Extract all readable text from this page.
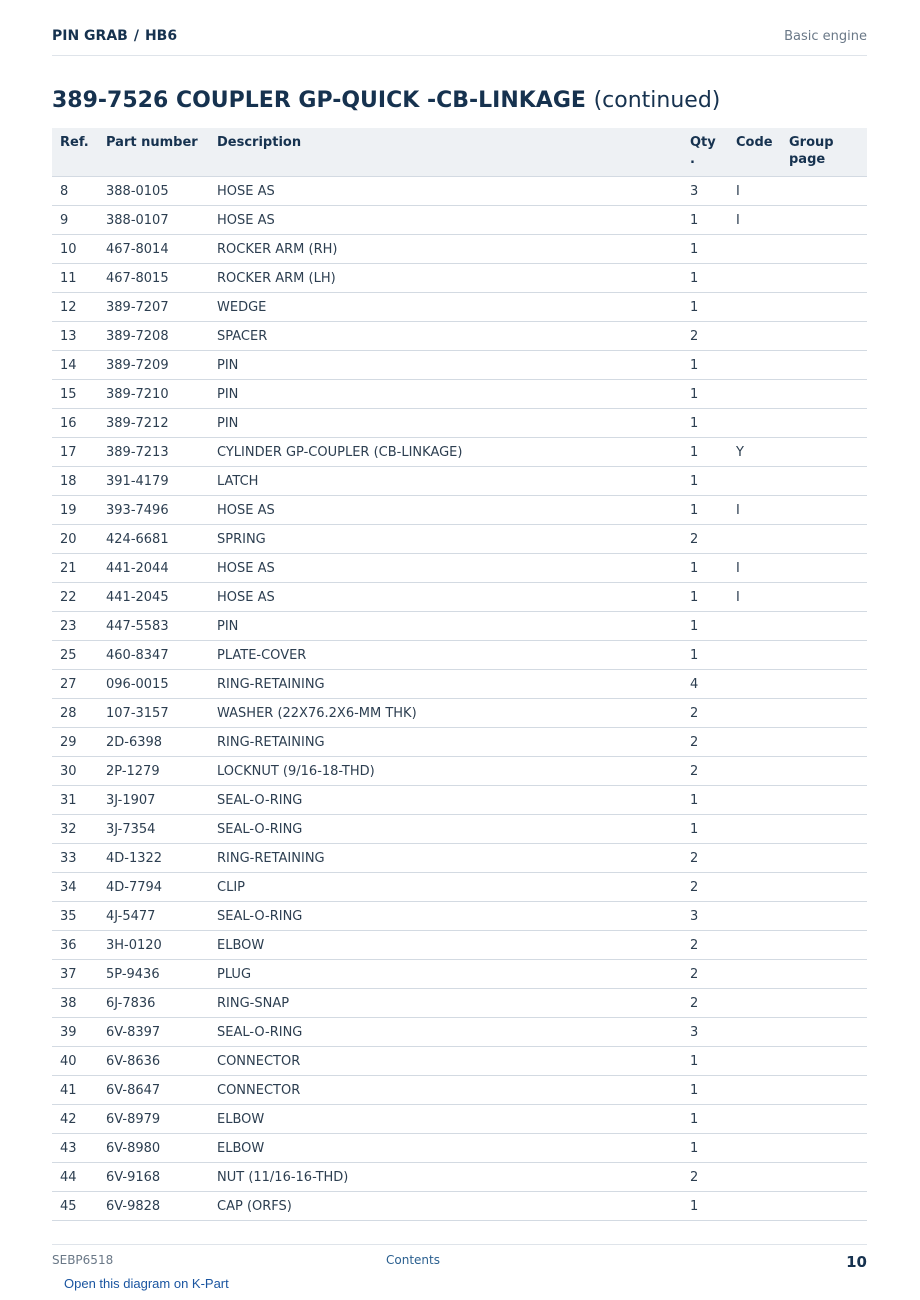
PIN GRAB / HB6	Basic engine
389-7526 COUPLER GP-QUICK -CB-LINKAGE (continued)
Ref.	Part number	Description	Qty .	Code	Group page
8	388-0105	HOSE AS	3	I	
9	388-0107	HOSE AS	1	I	
10	467-8014	ROCKER ARM (RH)	1		
11	467-8015	ROCKER ARM (LH)	1		
12	389-7207	WEDGE	1		
13	389-7208	SPACER	2		
14	389-7209	PIN	1		
15	389-7210	PIN	1		
16	389-7212	PIN	1		
17	389-7213	CYLINDER GP-COUPLER (CB-LINKAGE)	1	Y	
18	391-4179	LATCH	1		
19	393-7496	HOSE AS	1	I	
20	424-6681	SPRING	2		
21	441-2044	HOSE AS	1	I	
22	441-2045	HOSE AS	1	I	
23	447-5583	PIN	1		
25	460-8347	PLATE-COVER	1		
27	096-0015	RING-RETAINING	4		
28	107-3157	WASHER (22X76.2X6-MM THK)	2		
29	2D-6398	RING-RETAINING	2		
30	2P-1279	LOCKNUT (9/16-18-THD)	2		
31	3J-1907	SEAL-O-RING	1		
32	3J-7354	SEAL-O-RING	1		
33	4D-1322	RING-RETAINING	2		
34	4D-7794	CLIP	2		
35	4J-5477	SEAL-O-RING	3		
36	3H-0120	ELBOW	2		
37	5P-9436	PLUG	2		
38	6J-7836	RING-SNAP	2		
39	6V-8397	SEAL-O-RING	3		
40	6V-8636	CONNECTOR	1		
41	6V-8647	CONNECTOR	1		
42	6V-8979	ELBOW	1		
43	6V-8980	ELBOW	1		
44	6V-9168	NUT (11/16-16-THD)	2		
45	6V-9828	CAP (ORFS)	1		
SEBP6518	Contents	10
Open this diagram on K-Part
